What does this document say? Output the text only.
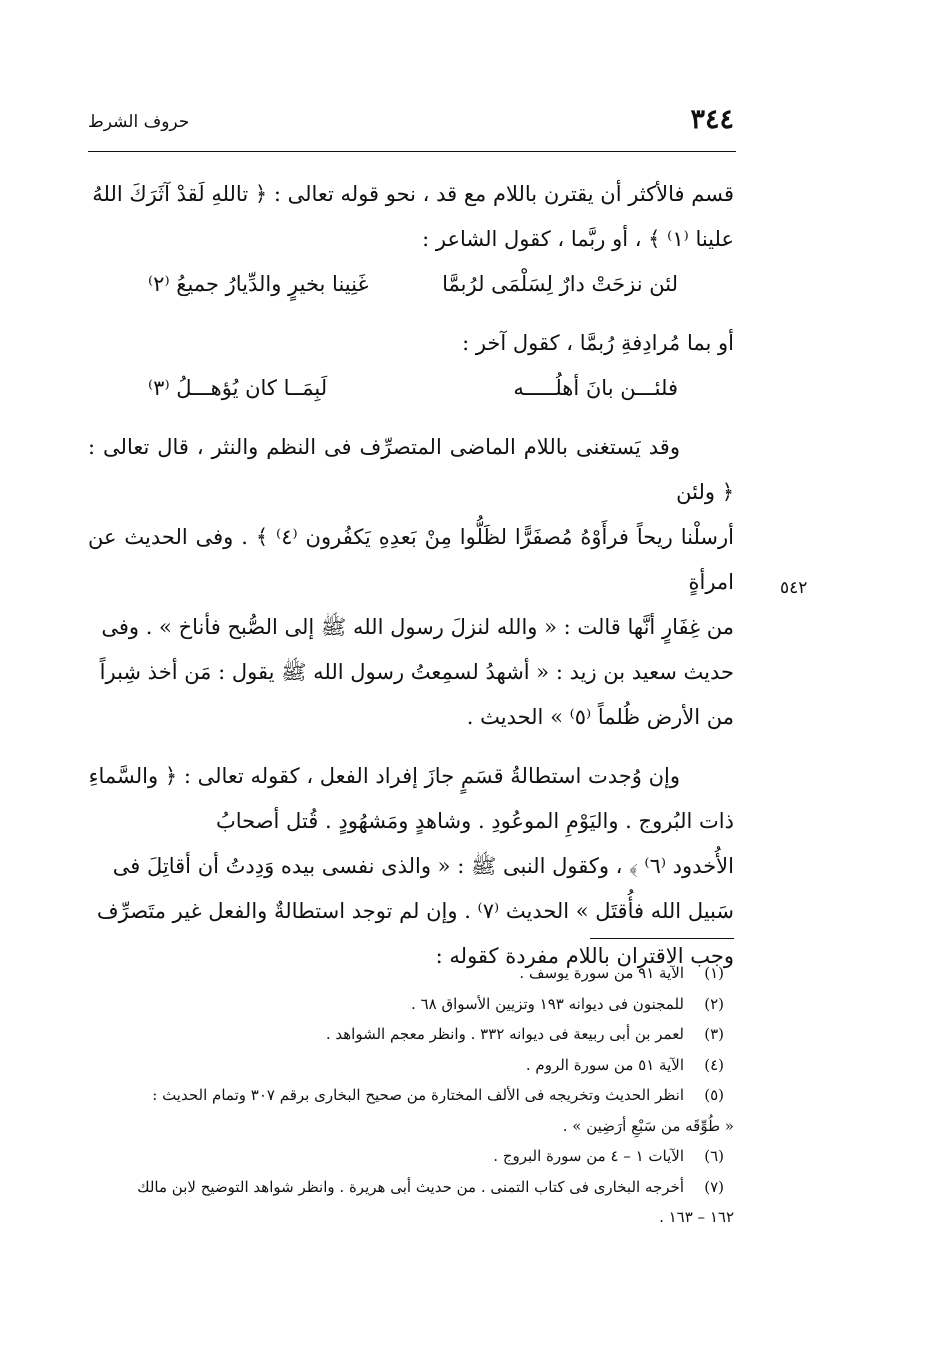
٣٤٤
حروف الشرط
٥٤٢

قسم فالأكثر أن يقترن باللام مع قد ، نحو قوله تعالى : ﴿ تاللهِ لَقدْ آثَرَكَ اللهُ

علينا ⁽١⁾ ﴾ ، أو ربَّما ، كقول الشاعر :

لئن نزحَتْ دارٌ لِسَلْمَى لرُبمَّا
غَنِينا بخيرٍ والدِّيارُ جميعُ ⁽٢⁾

أو بما مُرادِفةِ رُبمَّا ، كقول آخر :

فلئـــن بانَ أهلُـــــه
لَبِمَــا كان يُؤهـــلُ ⁽٣⁾

وقد يَستغنى باللام الماضى المتصرِّف فى النظم والنثر ، قال تعالى : ﴿ ولئن

أرسلْنا ريحاً فرأَوْهُ مُصفَرًّا لظَلُّوا مِنْ بَعدِهِ يَكفُرون ⁽٤⁾ ﴾ . وفى الحديث عن امرأةٍ

من غِفَارٍ أنَّها قالت : « والله لنزلَ رسول الله ﷺ إلى الصُّبح فأناخ » . وفى

حديث سعيد بن زيد : « أشهدُ لسمِعتُ رسول الله ﷺ يقول : مَن أخذ شِبراً

من الأرض ظُلماً ⁽٥⁾ » الحديث .

وإن وُجدت استطالةُ قسَمٍ جازَ إفراد الفعل ، كقوله تعالى : ﴿ والسَّماءِ

ذات البُروج . واليَوْمِ الموعُودِ . وشاهدٍ ومَشهُودٍ . قُتل أصحابُ

الأُخدود ⁽٦⁾ ﴾ ، وكقول النبى ﷺ : « والذى نفسى بيده وَدِدتُ أن أقاتِلَ فى

سَبيل الله فأُقتَل » الحديث ⁽٧⁾ . وإن لم توجد استطالةٌ والفعل غير متَصرِّف

وجب الاقتران باللام مفردة كقوله :

(١)
الآية ٩١ من سورة يوسف .
(٢)
للمجنون فى ديوانه ١٩٣ وتزيين الأسواق ٦٨ .
(٣)
لعمر بن أبى ربيعة فى ديوانه ٣٣٢ . وانظر معجم الشواهد .
(٤)
الآية ٥١ من سورة الروم .
(٥)
انظر الحديث وتخريجه فى الألف المختارة من صحيح البخارى برقم ٣٠٧ وتمام الحديث :
« طُوِّقَه من سَبْعِ أرَضِين » .
(٦)
الآيات ١ – ٤ من سورة البروج .
(٧)
أخرجه البخارى فى كتاب التمنى . من حديث أبى هريرة . وانظر شواهد التوضيح لابن مالك
١٦٢ – ١٦٣ .
